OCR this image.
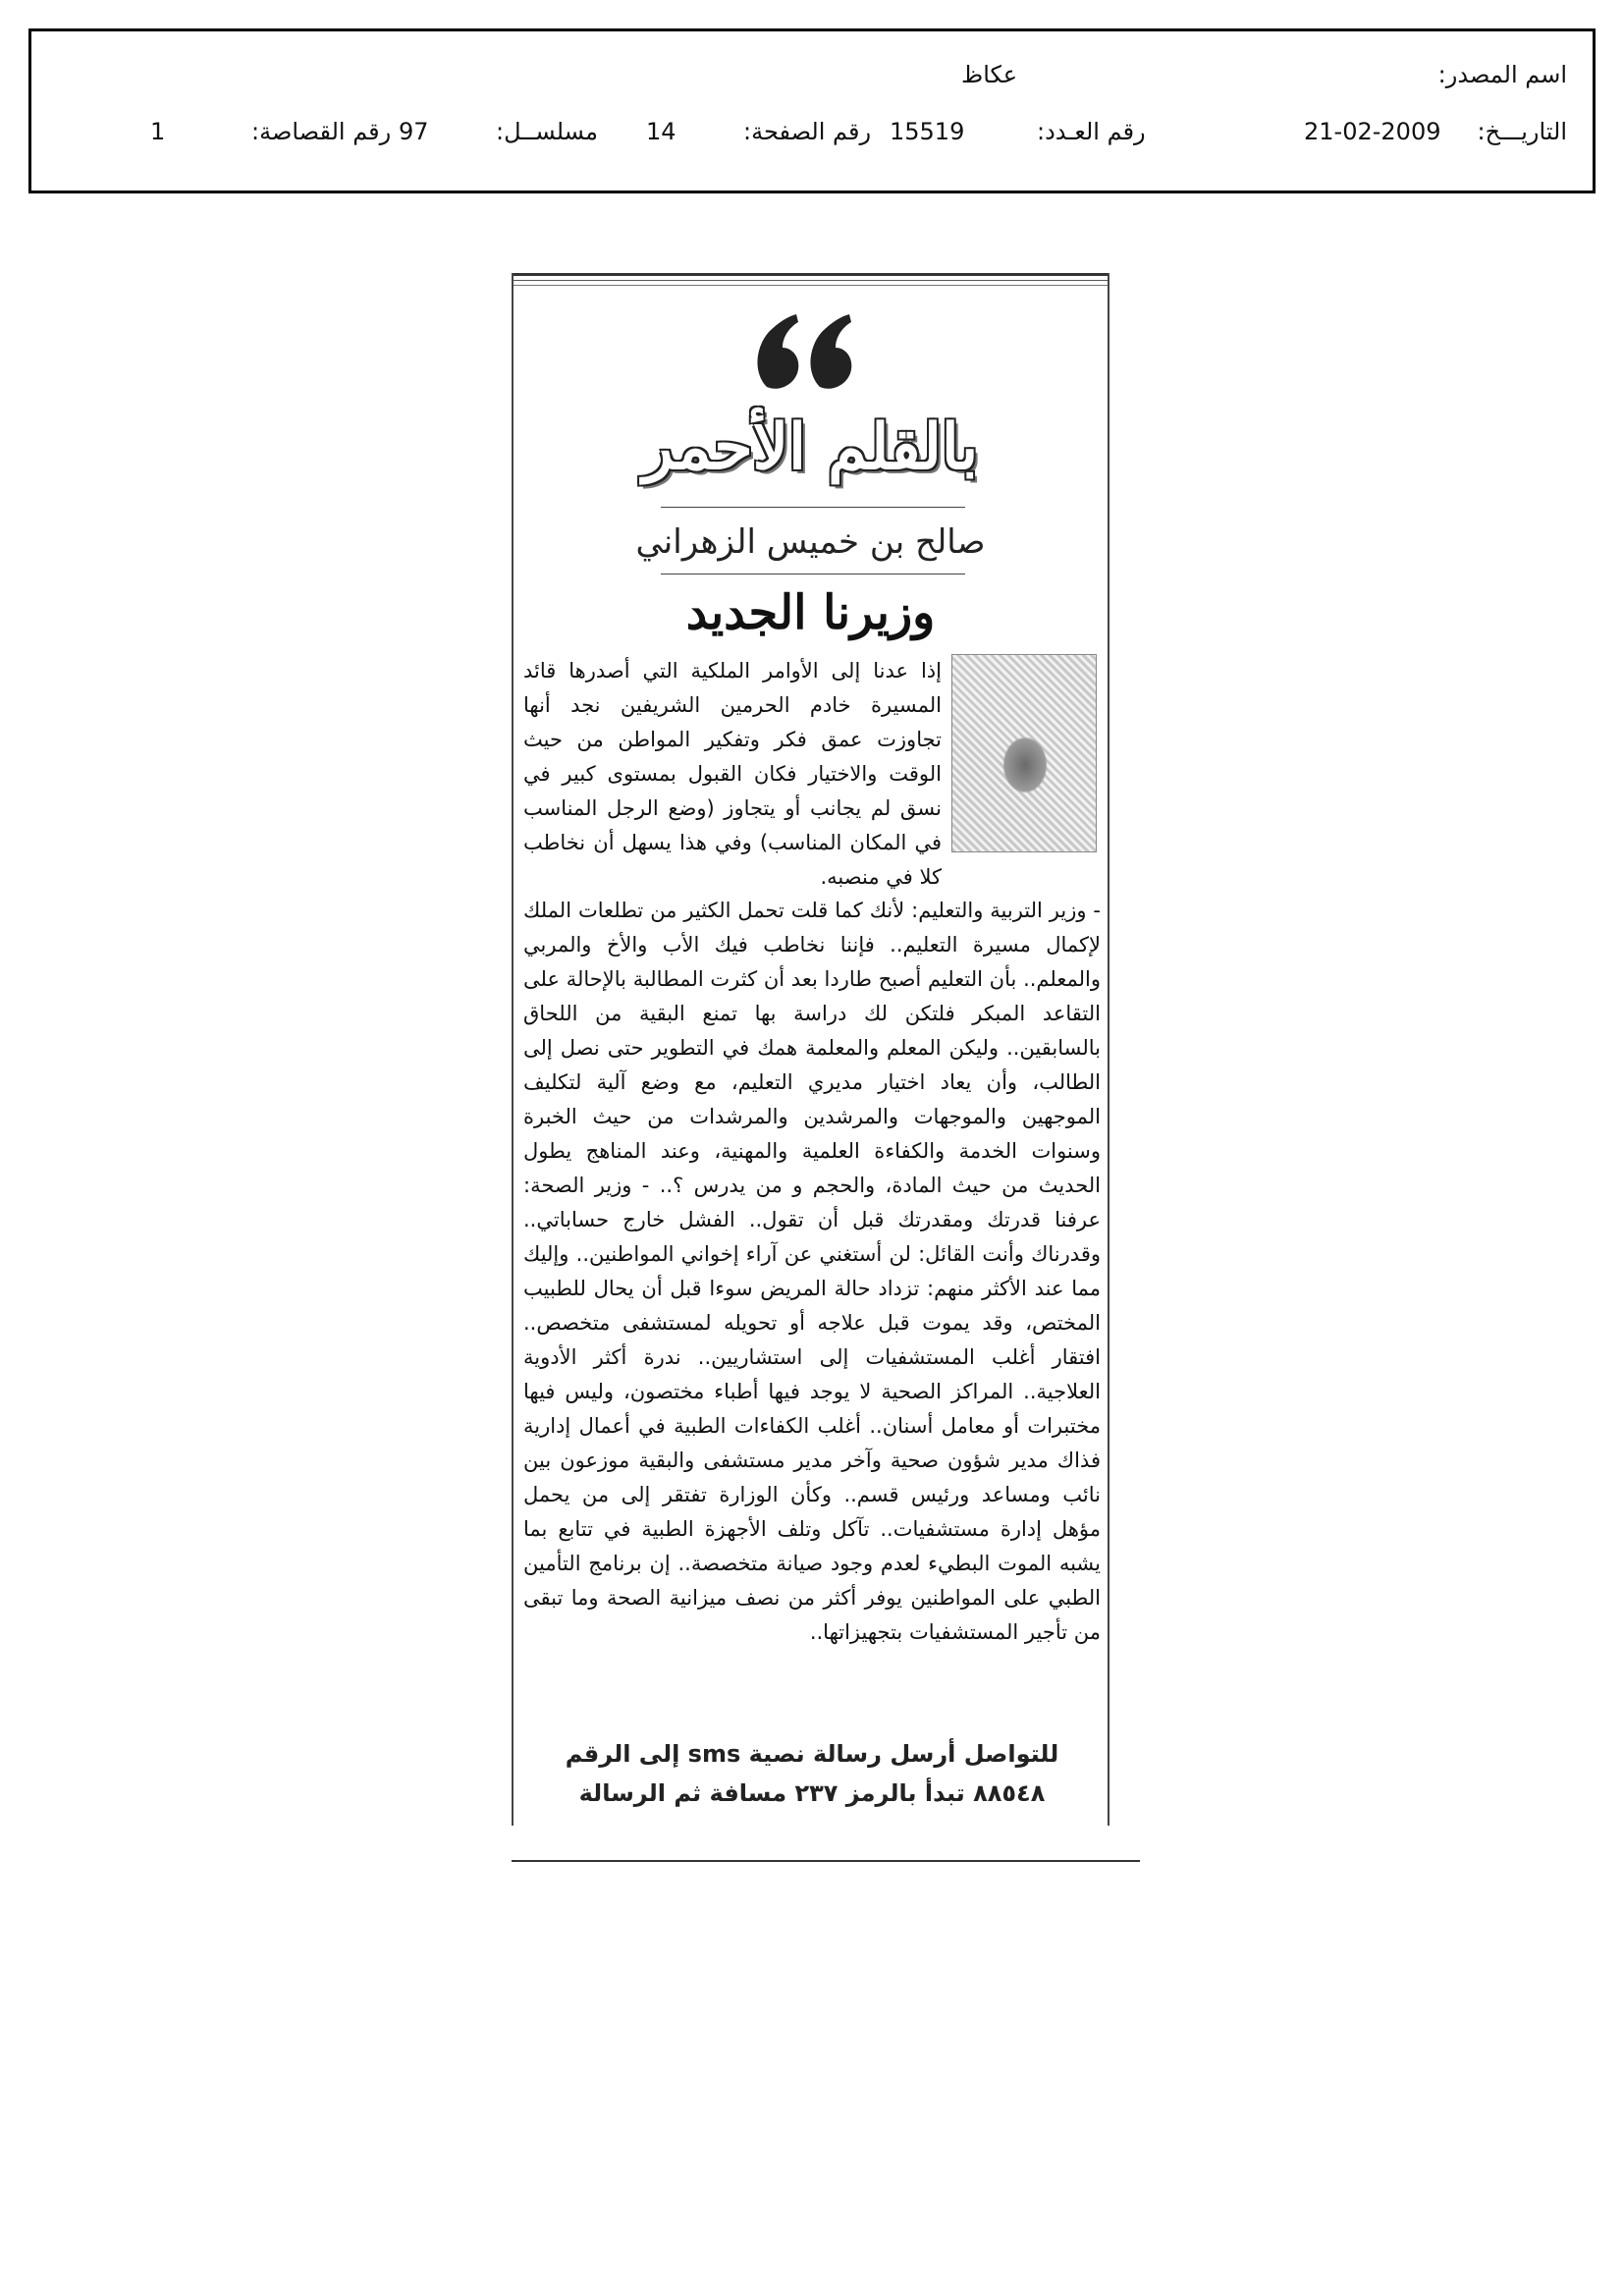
اسم المصدر:
عكاظ
التاريـــخ:
21-02-2009
رقم العـدد:
15519
رقم الصفحة:
14
مسلســل:
97
رقم القصاصة:
1
بالقلم الأحمر
صالح بن خميس الزهراني
وزيرنا الجديد
إذا عدنا إلى الأوامر الملكية التي أصدرها قائد المسيرة خادم الحرمين الشريفين نجد أنها تجاوزت عمق فكر وتفكير المواطن من حيث الوقت والاختيار فكان القبول بمستوى كبير في نسق لم يجانب أو يتجاوز (وضع الرجل المناسب في المكان المناسب) وفي هذا يسهل أن نخاطب كلا في منصبه.
- وزير التربية والتعليم: لأنك كما قلت تحمل الكثير من تطلعات الملك لإكمال مسيرة التعليم.. فإننا نخاطب فيك الأب والأخ والمربي والمعلم.. بأن التعليم أصبح طاردا بعد أن كثرت المطالبة بالإحالة على التقاعد المبكر فلتكن لك دراسة بها تمنع البقية من اللحاق بالسابقين.. وليكن المعلم والمعلمة همك في التطوير حتى نصل إلى الطالب، وأن يعاد اختيار مديري التعليم، مع وضع آلية لتكليف الموجهين والموجهات والمرشدين والمرشدات من حيث الخبرة وسنوات الخدمة والكفاءة العلمية والمهنية، وعند المناهج يطول الحديث من حيث المادة، والحجم و من يدرس ؟.. - وزير الصحة: عرفنا قدرتك ومقدرتك قبل أن تقول.. الفشل خارج حساباتي.. وقدرناك وأنت القائل: لن أستغني عن آراء إخواني المواطنين.. وإليك مما عند الأكثر منهم: تزداد حالة المريض سوءا قبل أن يحال للطبيب المختص، وقد يموت قبل علاجه أو تحويله لمستشفى متخصص.. افتقار أغلب المستشفيات إلى استشاريين.. ندرة أكثر الأدوية العلاجية.. المراكز الصحية لا يوجد فيها أطباء مختصون، وليس فيها مختبرات أو معامل أسنان.. أغلب الكفاءات الطبية في أعمال إدارية فذاك مدير شؤون صحية وآخر مدير مستشفى والبقية موزعون بين نائب ومساعد ورئيس قسم.. وكأن الوزارة تفتقر إلى من يحمل مؤهل إدارة مستشفيات.. تآكل وتلف الأجهزة الطبية في تتابع بما يشبه الموت البطيء لعدم وجود صيانة متخصصة.. إن برنامج التأمين الطبي على المواطنين يوفر أكثر من نصف ميزانية الصحة وما تبقى من تأجير المستشفيات بتجهيزاتها..
للتواصل أرسل رسالة نصية sms إلى الرقم
٨٨٥٤٨ تبدأ بالرمز ٢٣٧ مسافة ثم الرسالة
